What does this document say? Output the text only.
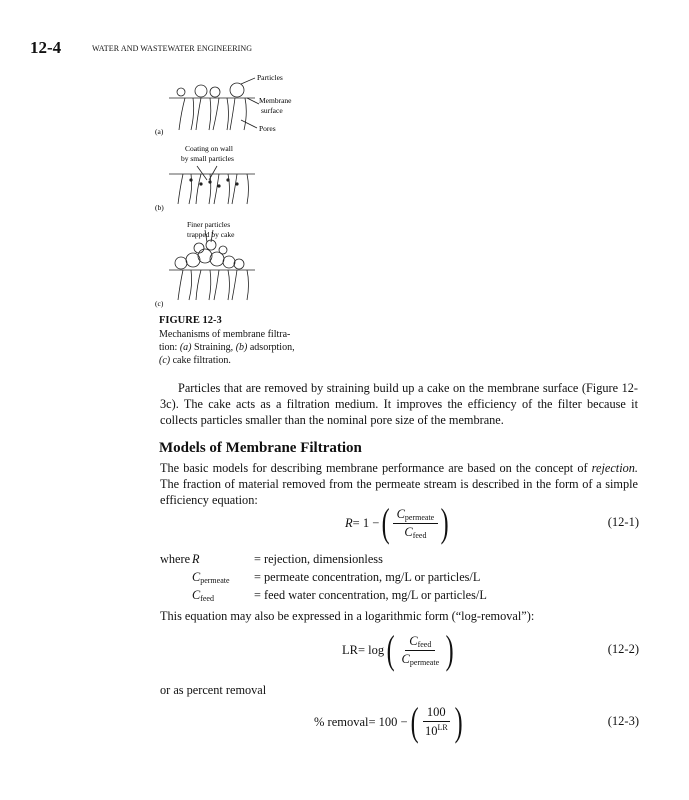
12-4	WATER AND WASTEWATER ENGINEERING
Particles
Membrane
surface
Pores
(a)
Coating on wall
by small particles
(b)
Finer particles
trapped by cake
(c)
FIGURE 12-3
Mechanisms of membrane filtra-
tion: (a) Straining, (b) adsorption,
(c) cake filtration.
Particles that are removed by straining build up a cake on the membrane surface (Figure 12-3c). The cake acts as a filtration medium. It improves the efficiency of the filter because it collects particles smaller than the nominal pore size of the membrane.
Models of Membrane Filtration
The basic models for describing membrane performance are based on the concept of rejection. The fraction of material removed from the permeate stream is described in the form of a simple efficiency equation:
R = 1 − ( $\frac{C_{permeate}}{C_{feed}}$ )	(12-1)
where	R	= rejection, dimensionless
	$C_{permeate}$	= permeate concentration, mg/L or particles/L
	$C_{feed}$	= feed water concentration, mg/L or particles/L
This equation may also be expressed in a logarithmic form (“log-removal”):
LR = log ( $\frac{C_{feed}}{C_{permeate}}$ )	(12-2)
or as percent removal
% removal = 100 − ( $\frac{100}{10^{LR}}$ )	(12-3)
